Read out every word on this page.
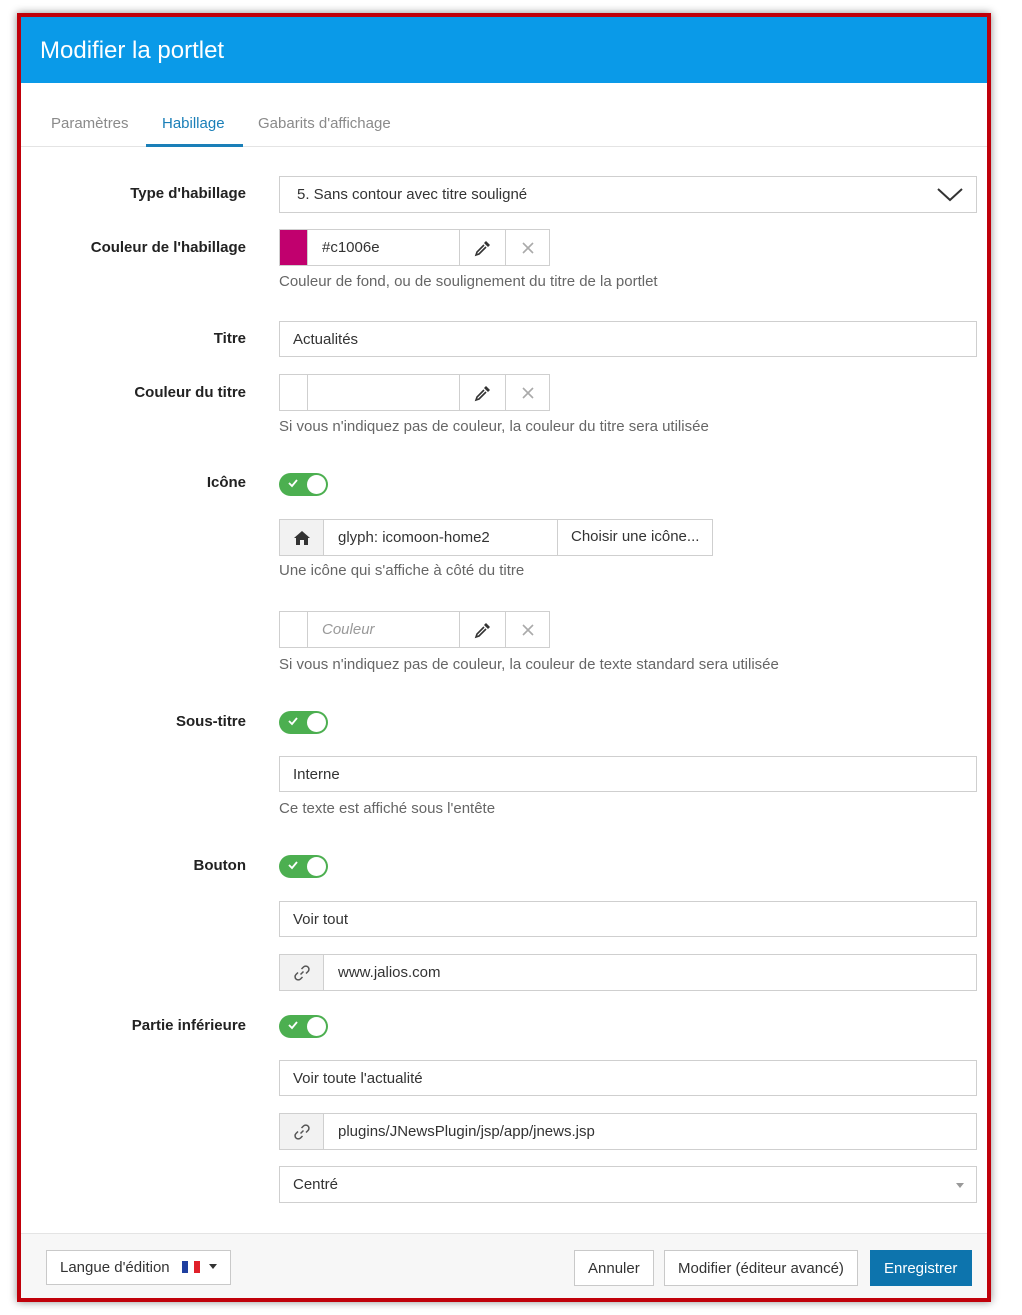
Modifier la portlet
Paramètres Habillage Gabarits d'affichage
Type d'habillage	5. Sans contour avec titre souligné
Couleur de l'habillage	#c1006e
Couleur de fond, ou de soulignement du titre de la portlet
Titre	Actualités
Couleur du titre
Si vous n'indiquez pas de couleur, la couleur du titre sera utilisée
Icône
glyph: icomoon-home2	Choisir une icône...
Une icône qui s'affiche à côté du titre
Couleur
Si vous n'indiquez pas de couleur, la couleur de texte standard sera utilisée
Sous-titre
Interne
Ce texte est affiché sous l'entête
Bouton
Voir tout
www.jalios.com
Partie inférieure
Voir toute l'actualité
plugins/JNewsPlugin/jsp/app/jnews.jsp
Centré
Langue d'édition
	Annuler	Modifier (éditeur avancé)	Enregistrer
